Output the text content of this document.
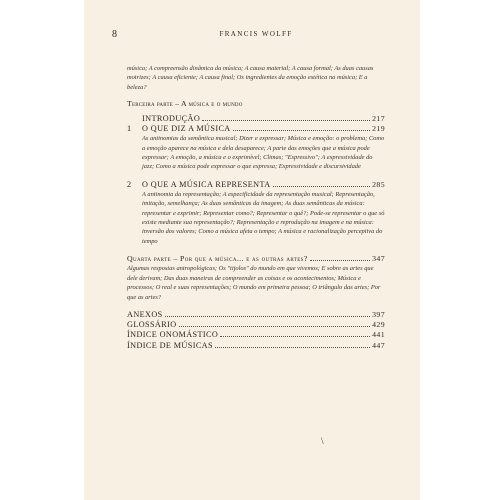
8	FRANCIS WOLFF
música; A compreensão dinâmica da música; A causa material; A causa formal; As duas causas motrizes; A causa eficiente; A causa final; Os ingredientes da emoção estética na música; E a beleza?
Terceira parte – A música e o mundo
INTRODUÇÃO	217
1	O QUE DIZ A MÚSICA	219
As antinomias da semântica musical; Dizer e expressar; Música e emoção: o problema; Como a emoção aparece na música e dela desaparece; A parte das emoções que a música pode expressar; A emoção, a música e o exprimível; Climas; "Espressivo"; A expressividade do jazz; Como a música pode expressar o que expressa; Expressividade e discursividade
2	O QUE A MÚSICA REPRESENTA	285
A antinomia da representação; A especificidade da representação musical; Representação, imitação, semelhança; As duas semânticas da imagem; As duas semânticas da música: representar e exprimir; Representar como?; Representar o quê?; Pode-se representar o que só existe mediante sua representação?; Representação e reprodução na imagem e na música: inversão dos valores; Como a música afeta o tempo; A música e racionalização perceptiva do tempo
Quarta parte – Por que a música... e as outras artes?	347
Algumas respostas antropológicas; Os "tijolos" do mundo em que vivemos; E sobre as artes que dele derivam; Das duas maneiras de compreender as coisas e os acontecimentos; Música e processos; O real e suas representações; O mundo em primeira pessoa; O triângulo das artes; Por que as artes?
ANEXOS	397
GLOSSÁRIO	429
ÍNDICE ONOMÁSTICO	441
ÍNDICE DE MÚSICAS	447
\
